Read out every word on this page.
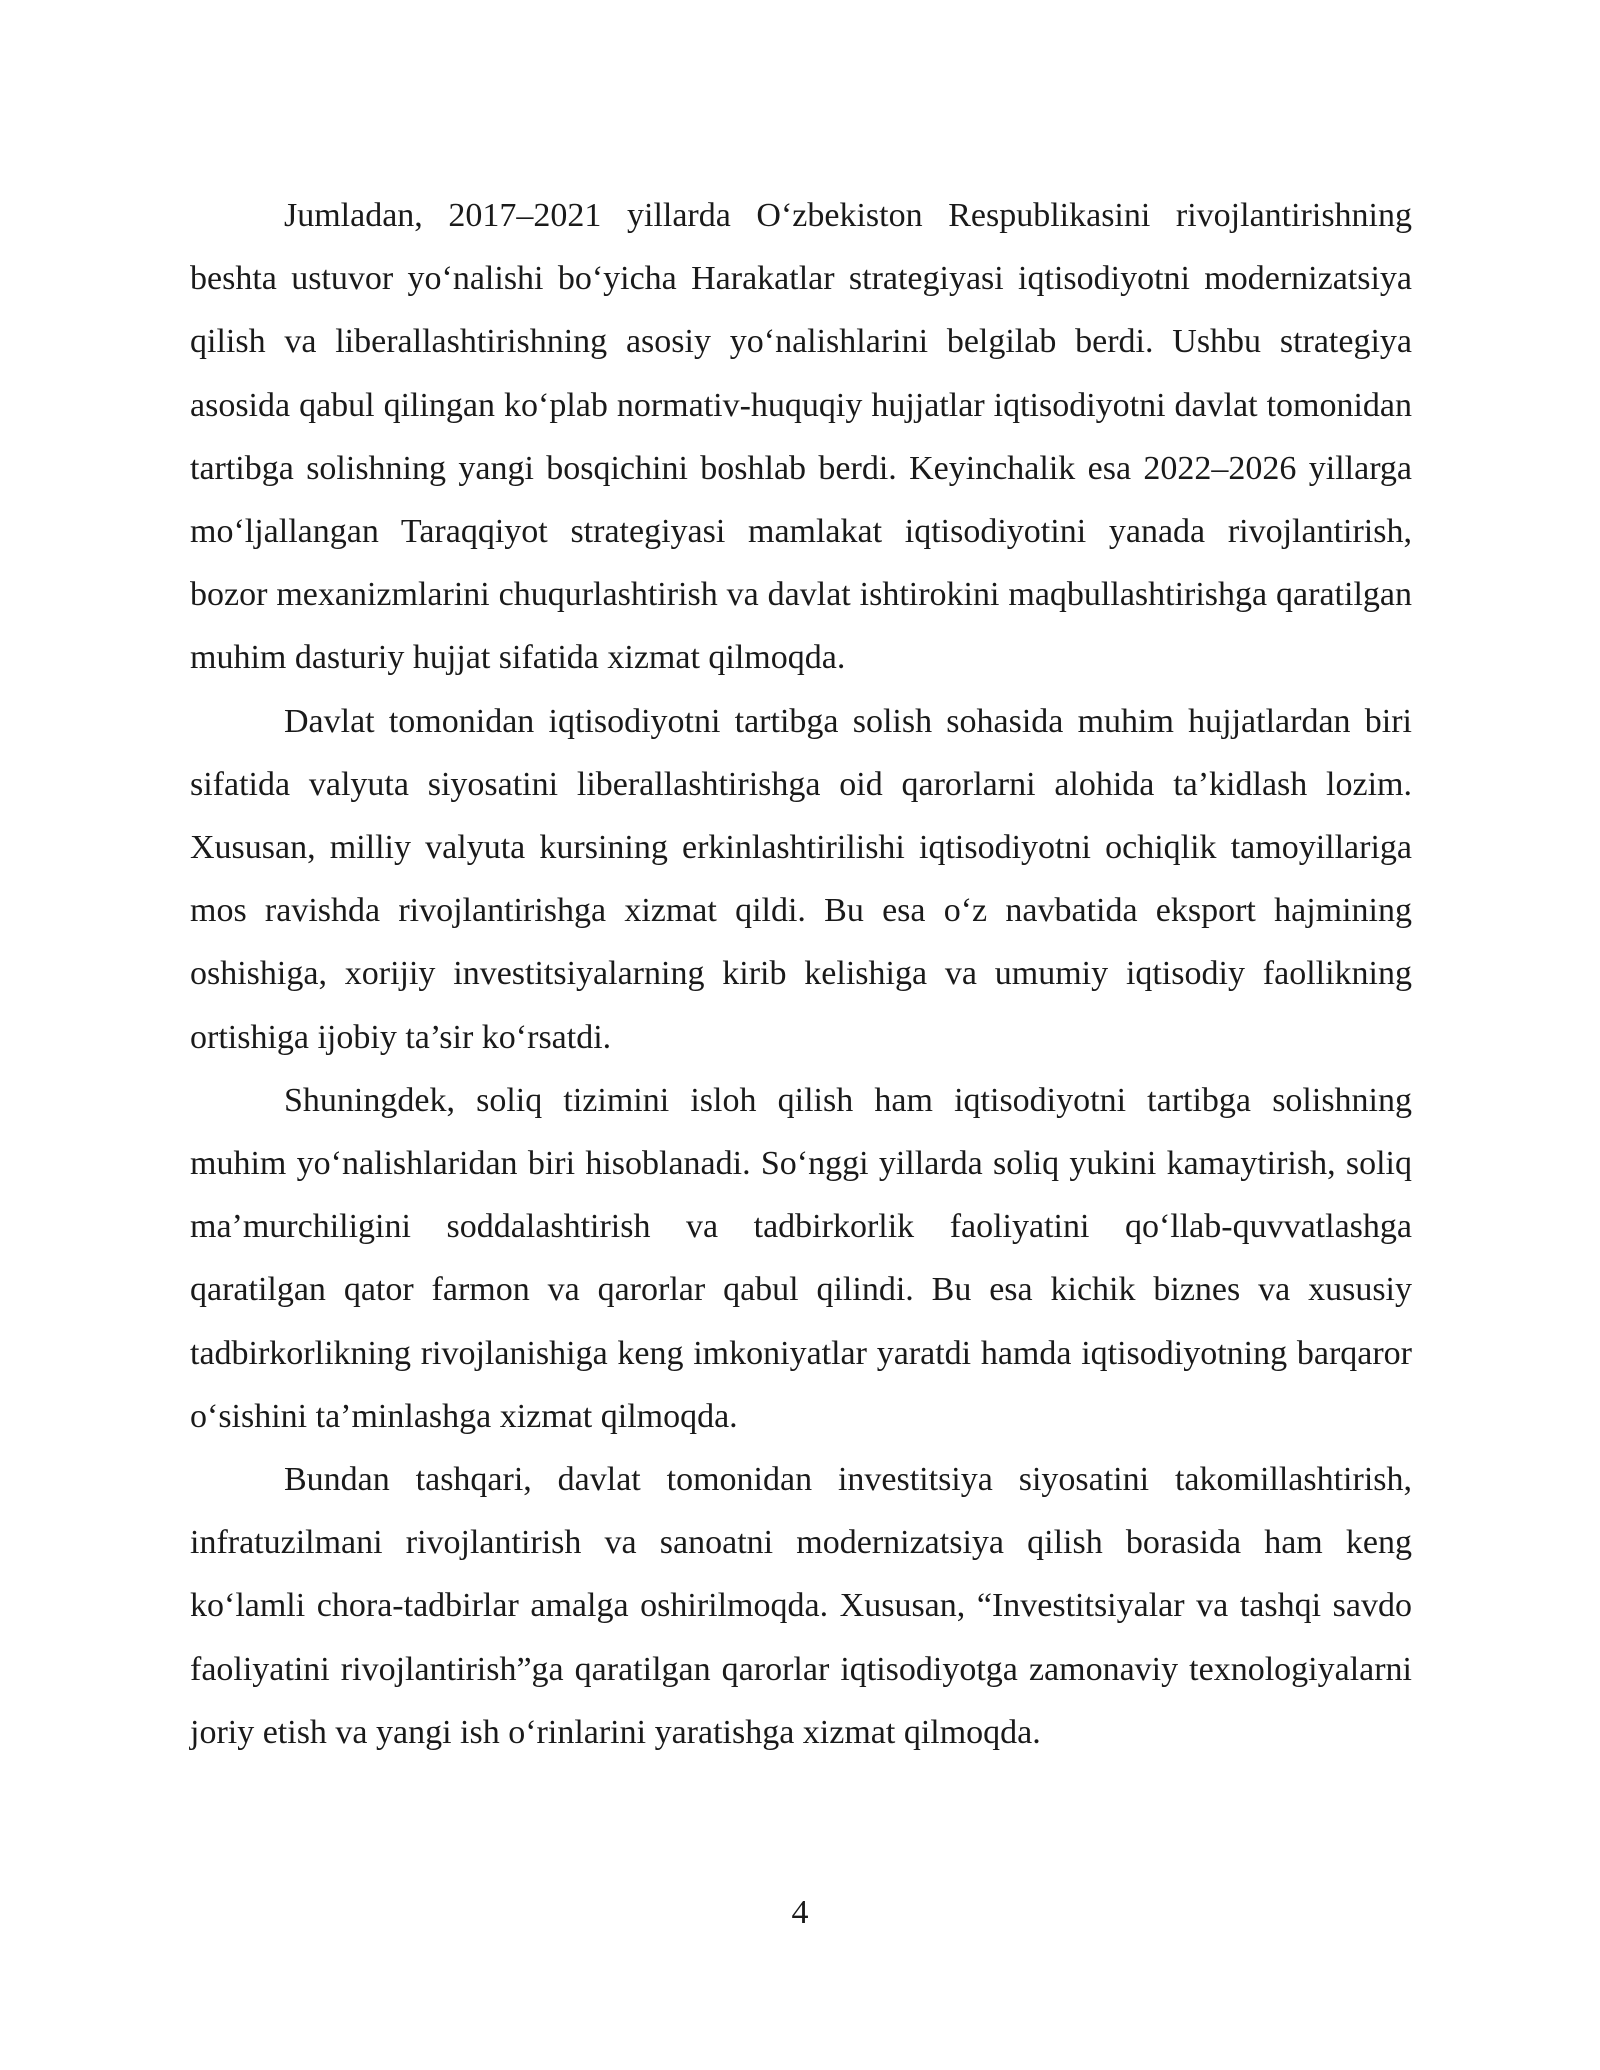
Jumladan, 2017–2021 yillarda O‘zbekiston Respublikasini rivojlantirishning beshta ustuvor yo‘nalishi bo‘yicha Harakatlar strategiyasi iqtisodiyotni modernizatsiya qilish va liberallashtirishning asosiy yo‘nalishlarini belgilab berdi. Ushbu strategiya asosida qabul qilingan ko‘plab normativ-huquqiy hujjatlar iqtisodiyotni davlat tomonidan tartibga solishning yangi bosqichini boshlab berdi. Keyinchalik esa 2022–2026 yillarga mo‘ljallangan Taraqqiyot strategiyasi mamlakat iqtisodiyotini yanada rivojlantirish, bozor mexanizmlarini chuqurlashtirish va davlat ishtirokini maqbullashtirishga qaratilgan muhim dasturiy hujjat sifatida xizmat qilmoqda.

Davlat tomonidan iqtisodiyotni tartibga solish sohasida muhim hujjatlardan biri sifatida valyuta siyosatini liberallashtirishga oid qarorlarni alohida ta’kidlash lozim. Xususan, milliy valyuta kursining erkinlashtirilishi iqtisodiyotni ochiqlik tamoyillariga mos ravishda rivojlantirishga xizmat qildi. Bu esa o‘z navbatida eksport hajmining oshishiga, xorijiy investitsiyalarning kirib kelishiga va umumiy iqtisodiy faollikning ortishiga ijobiy ta’sir ko‘rsatdi.

Shuningdek, soliq tizimini isloh qilish ham iqtisodiyotni tartibga solishning muhim yo‘nalishlaridan biri hisoblanadi. So‘nggi yillarda soliq yukini kamaytirish, soliq ma’murchiligini soddalashtirish va tadbirkorlik faoliyatini qo‘llab-quvvatlashga qaratilgan qator farmon va qarorlar qabul qilindi. Bu esa kichik biznes va xususiy tadbirkorlikning rivojlanishiga keng imkoniyatlar yaratdi hamda iqtisodiyotning barqaror o‘sishini ta’minlashga xizmat qilmoqda.

Bundan tashqari, davlat tomonidan investitsiya siyosatini takomillashtirish, infratuzilmani rivojlantirish va sanoatni modernizatsiya qilish borasida ham keng ko‘lamli chora-tadbirlar amalga oshirilmoqda. Xususan, “Investitsiyalar va tashqi savdo faoliyatini rivojlantirish”ga qaratilgan qarorlar iqtisodiyotga zamonaviy texnologiyalarni joriy etish va yangi ish o‘rinlarini yaratishga xizmat qilmoqda.

4
